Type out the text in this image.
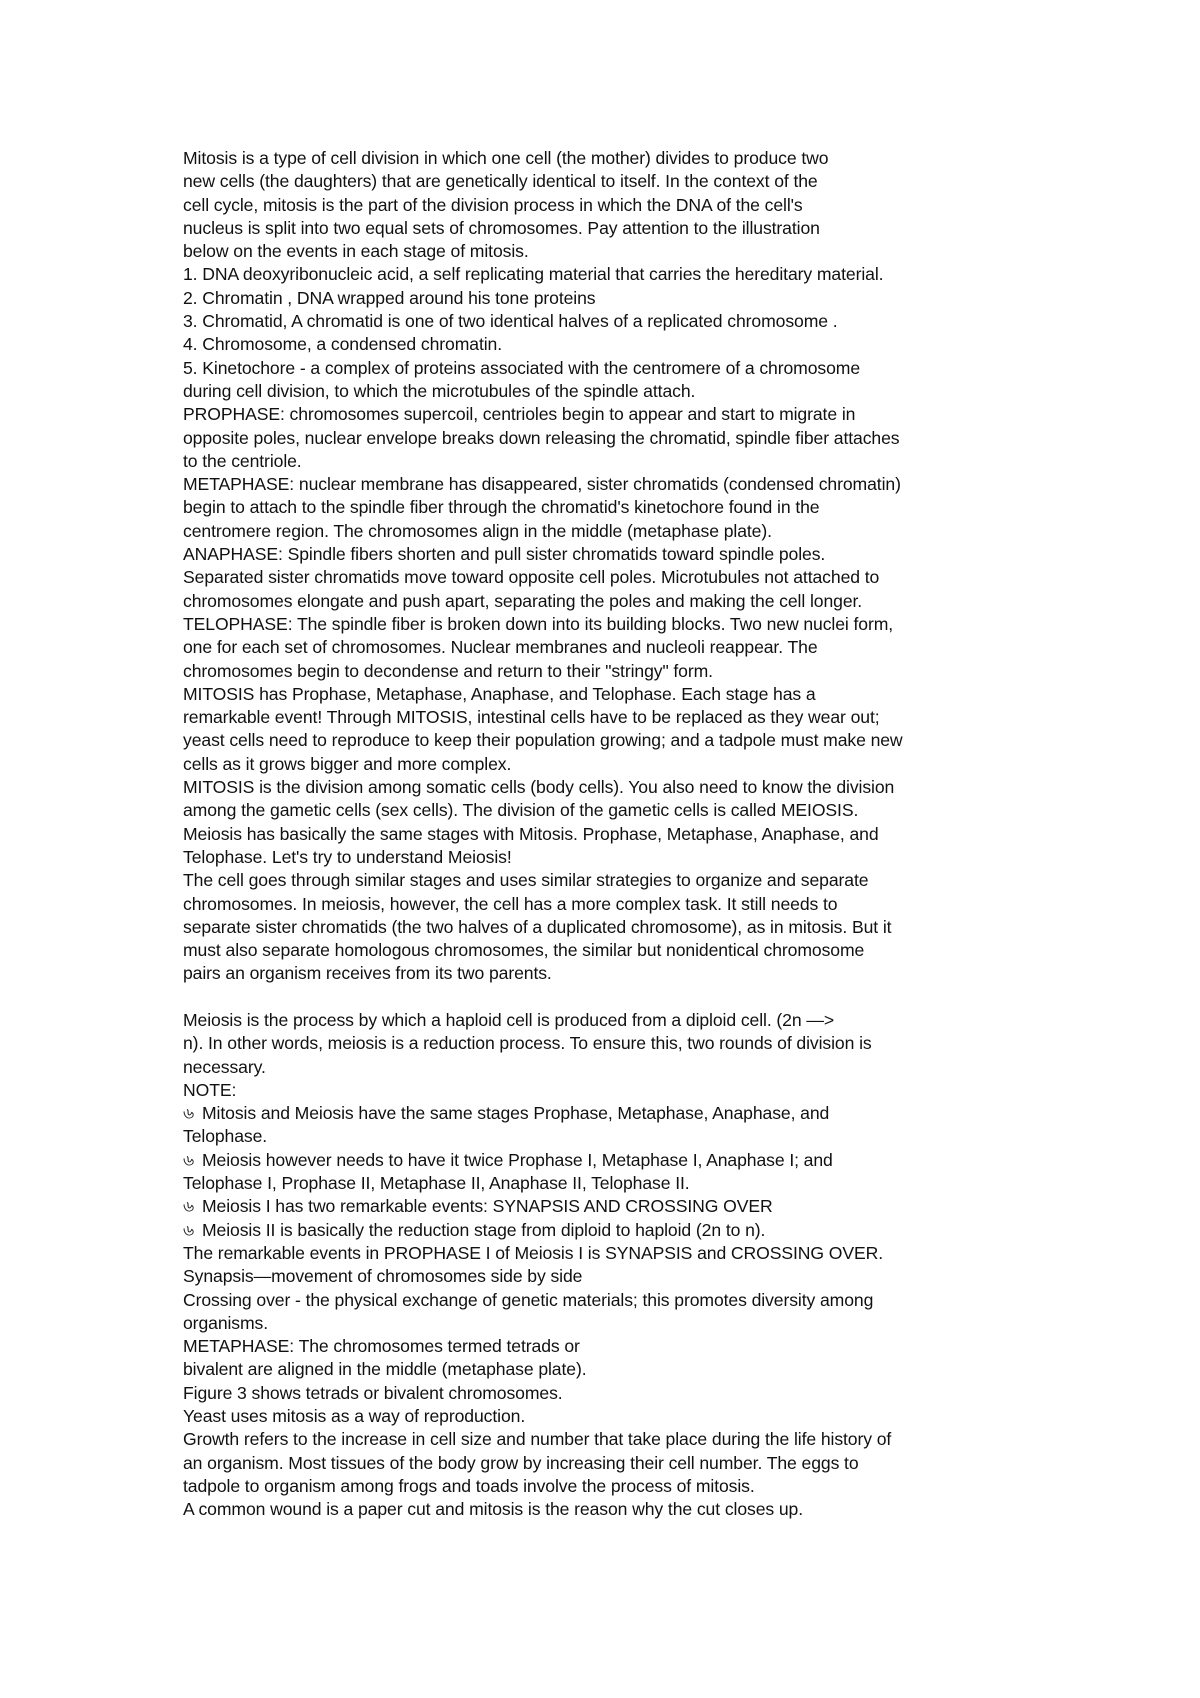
Mitosis is a type of cell division in which one cell (the mother) divides to produce two

new cells (the daughters) that are genetically identical to itself. In the context of the

cell cycle, mitosis is the part of the division process in which the DNA of the cell's

nucleus is split into two equal sets of chromosomes. Pay attention to the illustration

below on the events in each stage of mitosis.

1. DNA deoxyribonucleic acid, a self replicating material that carries the hereditary material.

2. Chromatin , DNA wrapped around his tone proteins

3. Chromatid, A chromatid is one of two identical halves of a replicated chromosome .

4. Chromosome, a condensed chromatin.

5. Kinetochore - a complex of proteins associated with the centromere of a chromosome

during cell division, to which the microtubules of the spindle attach.

PROPHASE: chromosomes supercoil, centrioles begin to appear and start to migrate in

opposite poles, nuclear envelope breaks down releasing the chromatid, spindle fiber attaches

to the centriole.

METAPHASE: nuclear membrane has disappeared, sister chromatids (condensed chromatin)

begin to attach to the spindle fiber through the chromatid's kinetochore found in the

centromere region. The chromosomes align in the middle (metaphase plate).

ANAPHASE: Spindle fibers shorten and pull sister chromatids toward spindle poles.

Separated sister chromatids move toward opposite cell poles. Microtubules not attached to

chromosomes elongate and push apart, separating the poles and making the cell longer.

TELOPHASE: The spindle fiber is broken down into its building blocks. Two new nuclei form,

one for each set of chromosomes. Nuclear membranes and nucleoli reappear. The

chromosomes begin to decondense and return to their "stringy" form.

MITOSIS has Prophase, Metaphase, Anaphase, and Telophase. Each stage has a

remarkable event! Through MITOSIS, intestinal cells have to be replaced as they wear out;

yeast cells need to reproduce to keep their population growing; and a tadpole must make new

cells as it grows bigger and more complex.

MITOSIS is the division among somatic cells (body cells). You also need to know the division

among the gametic cells (sex cells). The division of the gametic cells is called MEIOSIS.

Meiosis has basically the same stages with Mitosis. Prophase, Metaphase, Anaphase, and

Telophase. Let's try to understand Meiosis!

The cell goes through similar stages and uses similar strategies to organize and separate

chromosomes. In meiosis, however, the cell has a more complex task. It still needs to

separate sister chromatids (the two halves of a duplicated chromosome), as in mitosis. But it

must also separate homologous chromosomes, the similar but nonidentical chromosome

pairs an organism receives from its two parents.

Meiosis is the process by which a haploid cell is produced from a diploid cell. (2n —>

n). In other words, meiosis is a reduction process. To ensure this, two rounds of division is

necessary.

NOTE:

৬ Mitosis and Meiosis have the same stages Prophase, Metaphase, Anaphase, and

Telophase.

৬ Meiosis however needs to have it twice Prophase I, Metaphase I, Anaphase I; and

Telophase I, Prophase II, Metaphase II, Anaphase II, Telophase II.

৬ Meiosis I has two remarkable events: SYNAPSIS AND CROSSING OVER

৬ Meiosis II is basically the reduction stage from diploid to haploid (2n to n).

The remarkable events in PROPHASE I of Meiosis I is SYNAPSIS and CROSSING OVER.

Synapsis—movement of chromosomes side by side

Crossing over - the physical exchange of genetic materials; this promotes diversity among

organisms.

METAPHASE: The chromosomes termed tetrads or

bivalent are aligned in the middle (metaphase plate).

Figure 3 shows tetrads or bivalent chromosomes.

Yeast uses mitosis as a way of reproduction.

Growth refers to the increase in cell size and number that take place during the life history of

an organism. Most tissues of the body grow by increasing their cell number. The eggs to

tadpole to organism among frogs and toads involve the process of mitosis.

A common wound is a paper cut and mitosis is the reason why the cut closes up.
